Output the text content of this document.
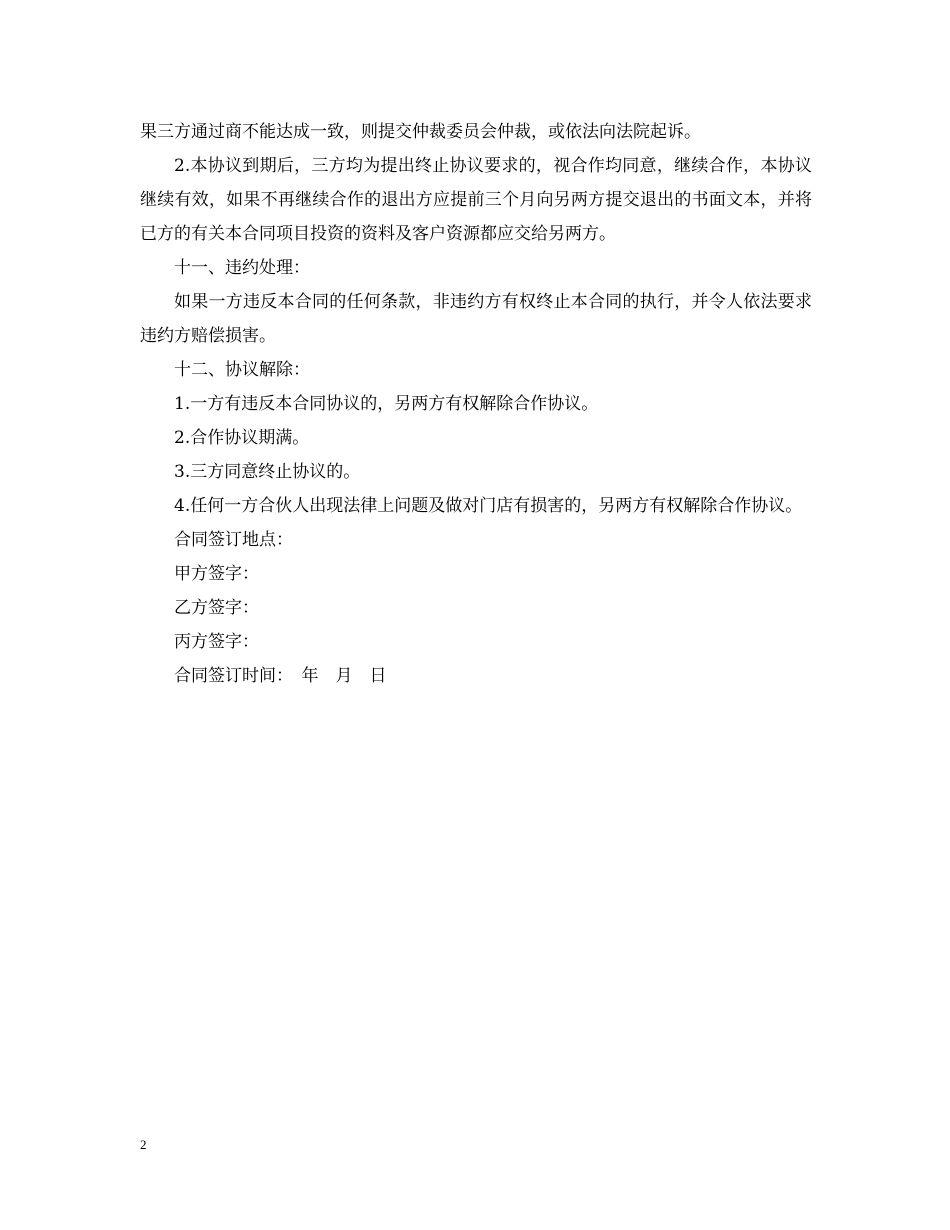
果三方通过商不能达成一致，则提交仲裁委员会仲裁，或依法向法院起诉。

2.本协议到期后，三方均为提出终止协议要求的，视合作均同意，继续合作，本协议继续有效，如果不再继续合作的退出方应提前三个月向另两方提交退出的书面文本，并将已方的有关本合同项目投资的资料及客户资源都应交给另两方。

十一、违约处理：

如果一方违反本合同的任何条款，非违约方有权终止本合同的执行，并令人依法要求违约方赔偿损害。

十二、协议解除：

1.一方有违反本合同协议的，另两方有权解除合作协议。

2.合作协议期满。

3.三方同意终止协议的。

4.任何一方合伙人出现法律上问题及做对门店有损害的，另两方有权解除合作协议。

合同签订地点：

甲方签字：

乙方签字：

丙方签字：

合同签订时间：　年　月　日

2
